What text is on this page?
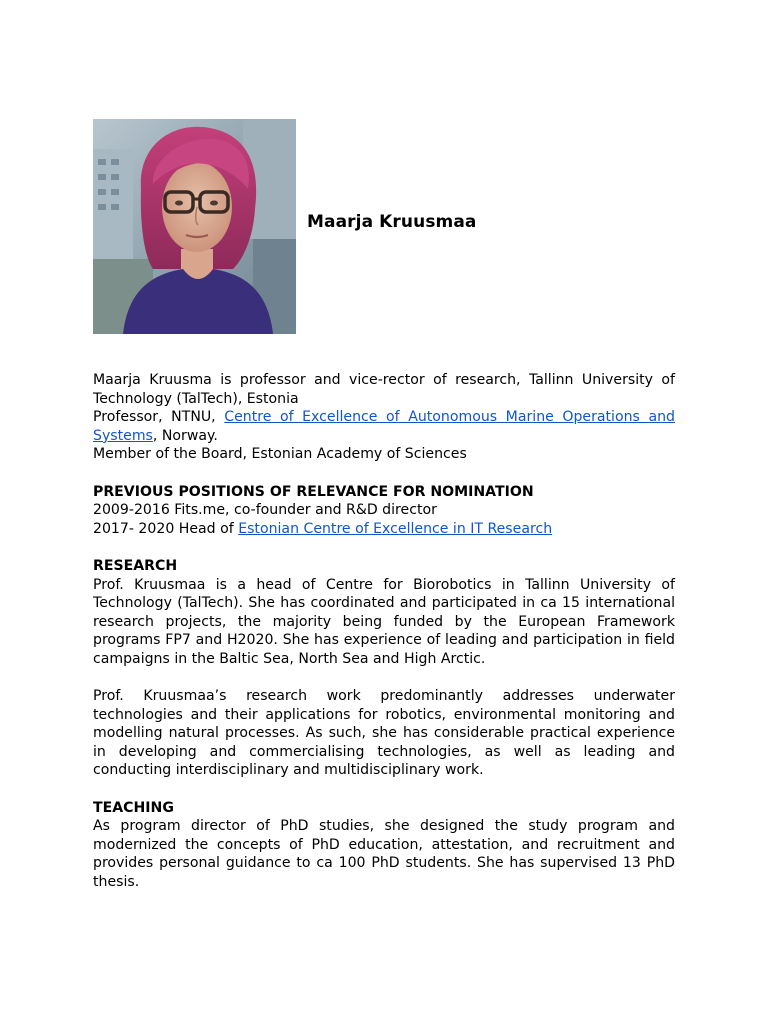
Maarja Kruusmaa

Maarja Kruusma is professor and vice-rector of research, Tallinn University of Technology (TalTech), Estonia

Professor, NTNU, Centre of Excellence of Autonomous Marine Operations and Systems, Norway.

Member of the Board, Estonian Academy of Sciences

PREVIOUS POSITIONS OF RELEVANCE FOR NOMINATION

2009-2016 Fits.me, co-founder and R&D director

2017- 2020 Head of Estonian Centre of Excellence in IT Research

RESEARCH

Prof. Kruusmaa is a head of Centre for Biorobotics in Tallinn University of Technology (TalTech). She has coordinated and participated in ca 15 international research projects, the majority being funded by the European Framework programs FP7 and H2020. She has experience of leading and participation in field campaigns in the Baltic Sea, North Sea and High Arctic.

Prof. Kruusmaa’s research work predominantly addresses underwater technologies and their applications for robotics, environmental monitoring and modelling natural processes. As such, she has considerable practical experience in developing and commercialising technologies, as well as leading and conducting interdisciplinary and multidisciplinary work.

TEACHING

As program director of PhD studies, she designed the study program and modernized the concepts of PhD education, attestation, and recruitment and provides personal guidance to ca 100 PhD students. She has supervised 13 PhD thesis.
